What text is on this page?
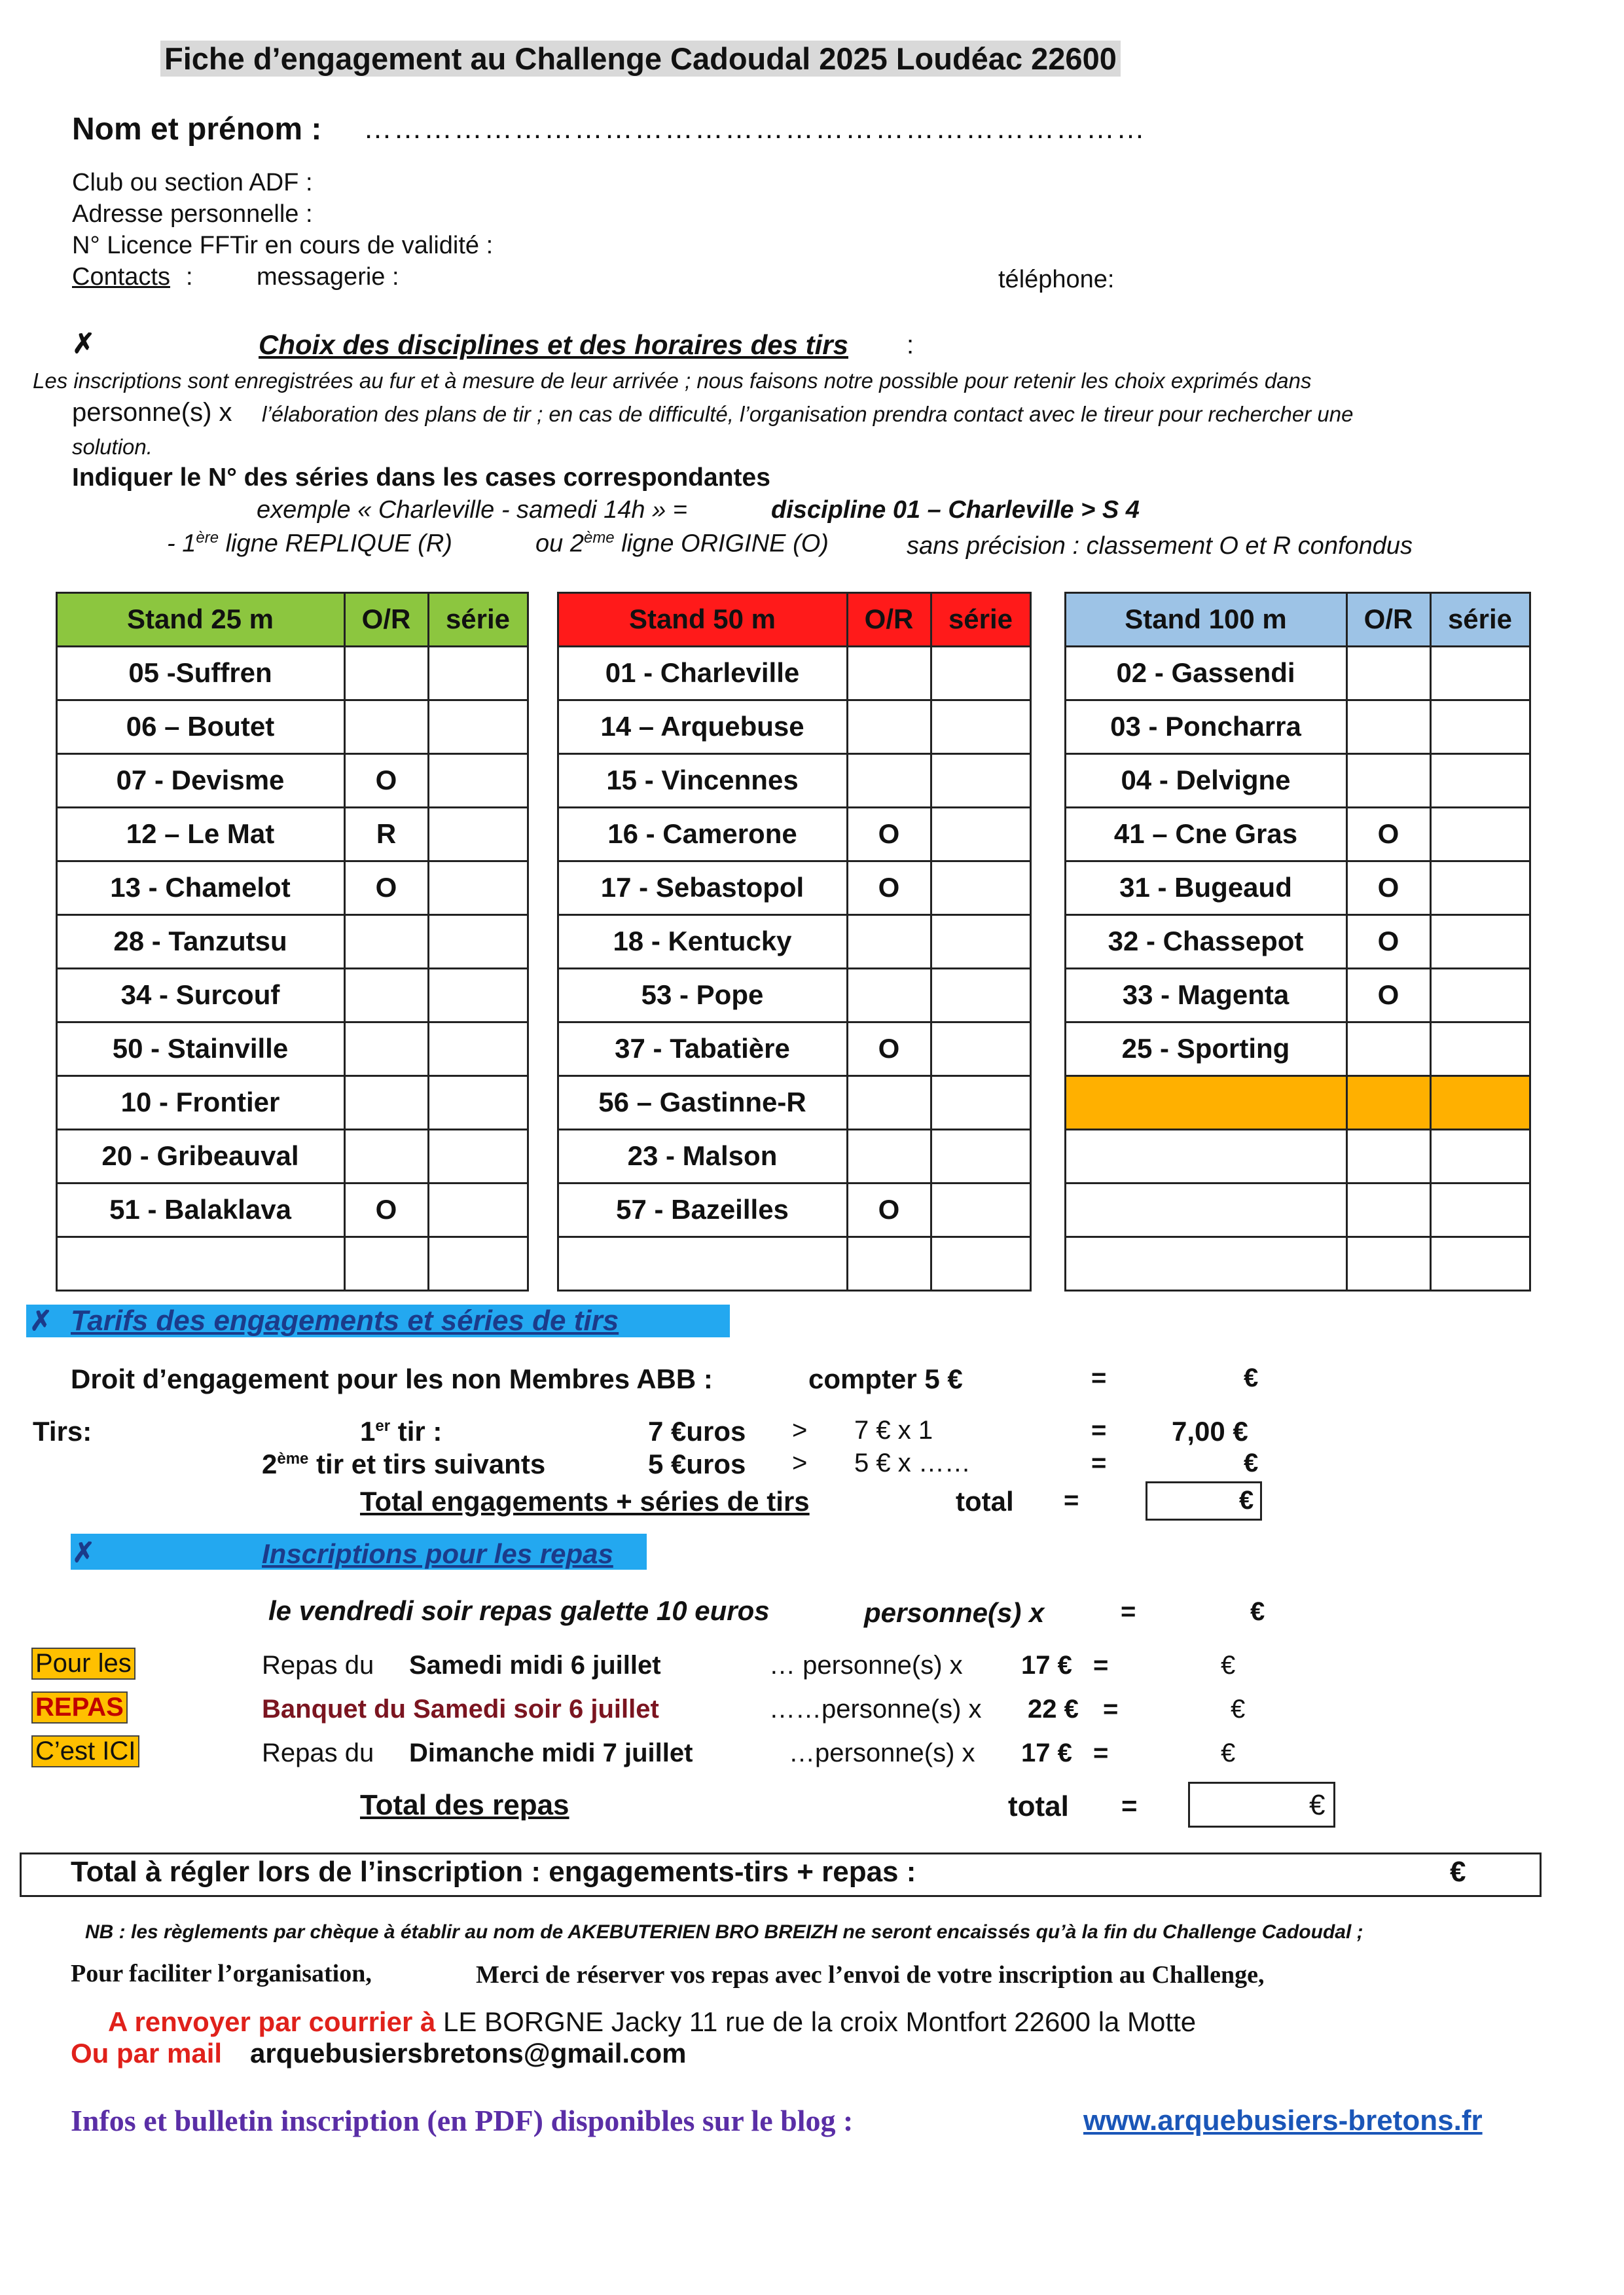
Fiche d’engagement au Challenge Cadoudal 2025 Loudéac 22600
Nom et prénom : ……………………………………………………………………
Club ou section ADF :
Adresse personnelle :
N° Licence FFTir en cours de validité :
Contacts :	messagerie :	téléphone:
✗	Choix des disciplines et des horaires des tirs :
Les inscriptions sont enregistrées au fur et à mesure de leur arrivée ; nous faisons notre possible pour retenir les choix exprimés dans
personne(s) x l’élaboration des plans de tir ; en cas de difficulté, l’organisation prendra contact avec le tireur pour rechercher une
solution.
Indiquer le N° des séries dans les cases correspondantes
exemple « Charleville - samedi 14h » =	discipline 01 – Charleville > S 4
- 1ère ligne REPLIQUE (R)	ou 2ème ligne ORIGINE (O)	sans précision : classement O et R confondus
Stand 25 m	O/R	série
05 -Suffren
06 – Boutet
07 - Devisme	O
12 – Le Mat	R
13 - Chamelot	O
28 - Tanzutsu
34 - Surcouf
50 - Stainville
10 - Frontier
20 - Gribeauval
51 - Balaklava	O
Stand 50 m	O/R	série
01 - Charleville
14 – Arquebuse
15 - Vincennes
16 - Camerone	O
17 - Sebastopol	O
18 - Kentucky
53 - Pope
37 - Tabatière	O
56 – Gastinne-R
23 - Malson
57 - Bazeilles	O
Stand 100 m	O/R	série
02 - Gassendi
03 - Poncharra
04 - Delvigne
41 – Cne Gras	O
31 - Bugeaud	O
32 - Chassepot	O
33 - Magenta	O
25 - Sporting
✗ Tarifs des engagements et séries de tirs
Droit d’engagement pour les non Membres ABB :	compter 5 €	=	€
Tirs:	1er tir :	7 €uros > 7 € x 1	= 7,00 €
2ème tir et tirs suivants	5 €uros > 5 € x ……	=	€
Total engagements + séries de tirs	total =	€
✗	Inscriptions pour les repas
le vendredi soir repas galette 10 euros	personne(s) x	=	€
Pour les
REPAS
C’est ICI
Repas du Samedi midi 6 juillet	… personne(s) x 17 € =	€
Banquet du Samedi soir 6 juillet	……personne(s) x 22 € =	€
Repas du Dimanche midi 7 juillet	…personne(s) x 17 € =	€
Total des repas	total =	€
Total à régler lors de l’inscription : engagements-tirs + repas :	€
NB : les règlements par chèque à établir au nom de AKEBUTERIEN BRO BREIZH ne seront encaissés qu’à la fin du Challenge Cadoudal ;
Pour faciliter l’organisation,	Merci de réserver vos repas avec l’envoi de votre inscription au Challenge,
A renvoyer par courrier à LE BORGNE Jacky 11 rue de la croix Montfort 22600 la Motte
Ou par mail arquebusiersbretons@gmail.com
Infos et bulletin inscription (en PDF) disponibles sur le blog :	www.arquebusiers-bretons.fr
